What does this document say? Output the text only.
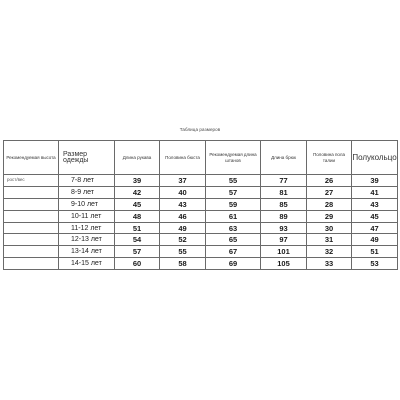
Таблица размеров
Рекомендуемая высота	Размер одежды	Длина рукава	Половина бюста	Рекомендуемая длина штанов	Длина брюк	Половина пола талии	Полукольцо
рост/вес	7-8 лет	39	37	55	77	26	39
	8-9 лет	42	40	57	81	27	41
	9-10 лет	45	43	59	85	28	43
	10-11 лет	48	46	61	89	29	45
	11-12 лет	51	49	63	93	30	47
	12-13 лет	54	52	65	97	31	49
	13-14 лет	57	55	67	101	32	51
	14-15 лет	60	58	69	105	33	53
